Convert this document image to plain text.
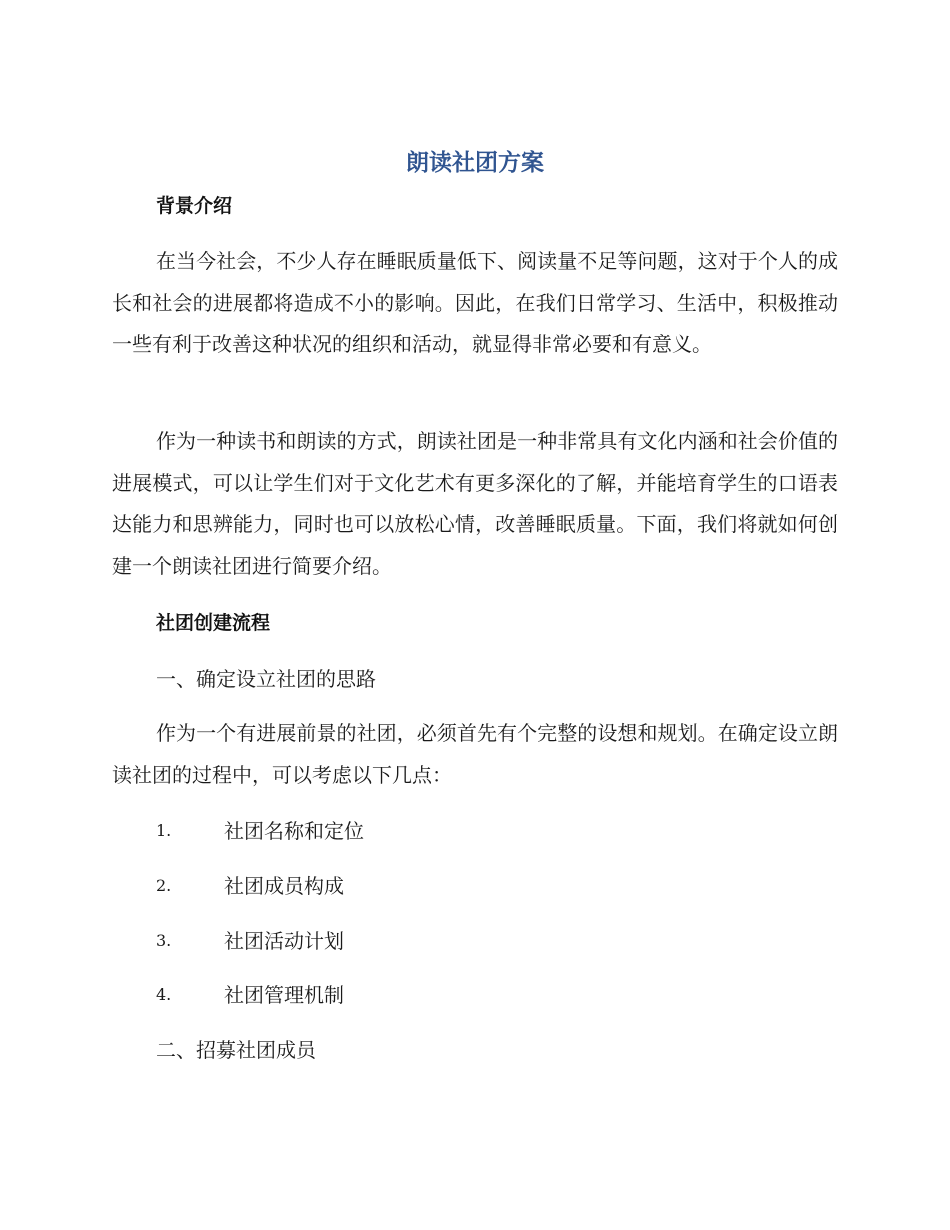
朗读社团方案
背景介绍

在当今社会，不少人存在睡眠质量低下、阅读量不足等问题，这对于个人的成长和社会的进展都将造成不小的影响。因此，在我们日常学习、生活中，积极推动一些有利于改善这种状况的组织和活动，就显得非常必要和有意义。

作为一种读书和朗读的方式，朗读社团是一种非常具有文化内涵和社会价值的进展模式，可以让学生们对于文化艺术有更多深化的了解，并能培育学生的口语表达能力和思辨能力，同时也可以放松心情，改善睡眠质量。下面，我们将就如何创建一个朗读社团进行简要介绍。

社团创建流程
一、确定设立社团的思路

作为一个有进展前景的社团，必须首先有个完整的设想和规划。在确定设立朗读社团的过程中，可以考虑以下几点：

1.	社团名称和定位
2.	社团成员构成
3.	社团活动计划
4.	社团管理机制
二、招募社团成员
